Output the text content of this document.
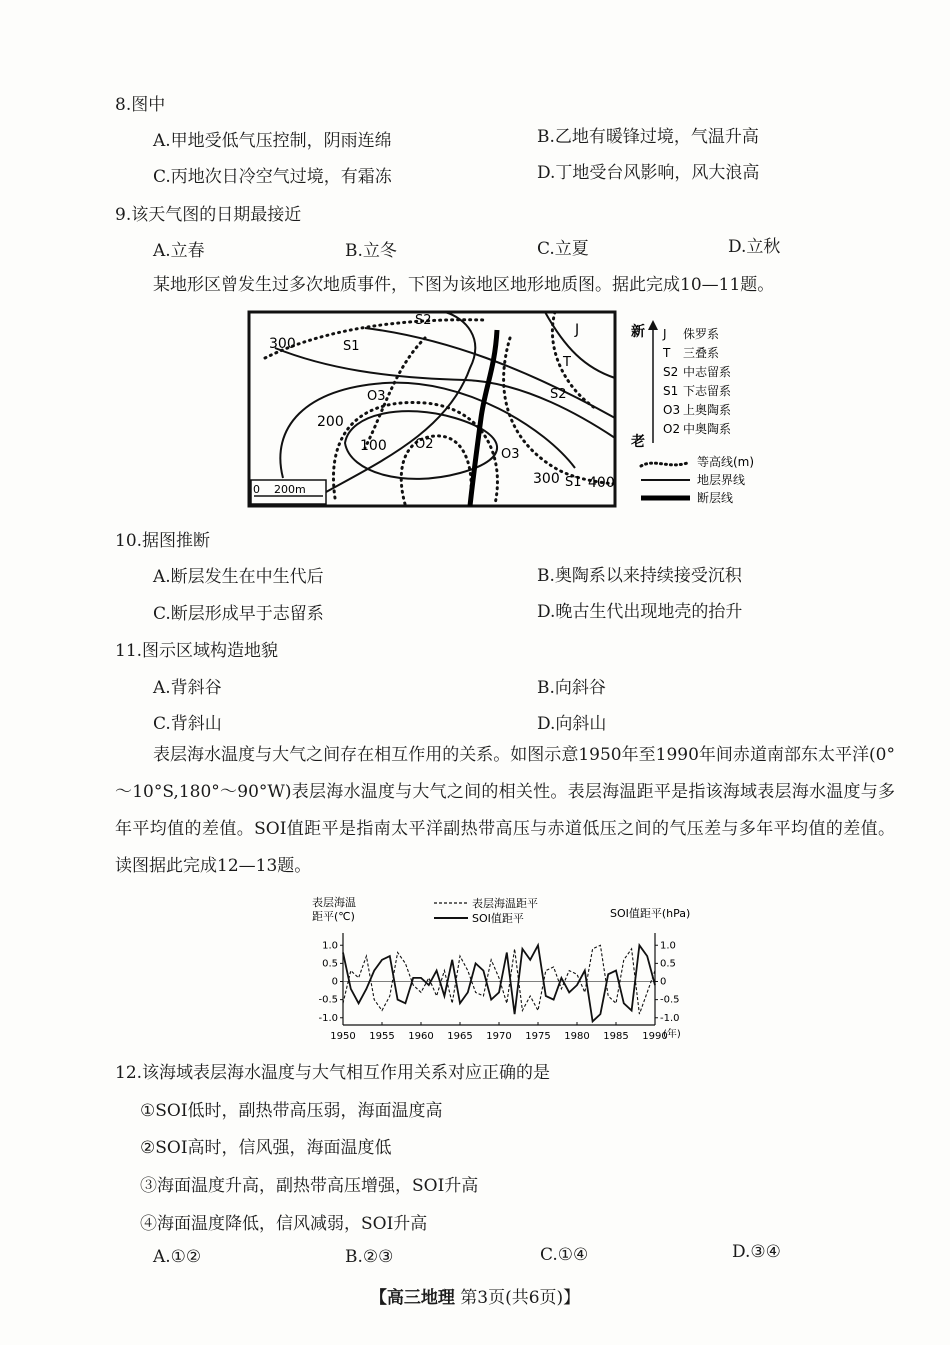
8.图中
A.甲地受低气压控制，阴雨连绵	B.乙地有暖锋过境，气温升高
C.丙地次日冷空气过境，有霜冻	D.丁地受台风影响，风大浪高
9.该天气图的日期最接近
A.立春	B.立冬	C.立夏	D.立秋
某地形区曾发生过多次地质事件，下图为该地区地形地质图。据此完成10—11题。
300
200
100
300 400
S1
S2
O3
O2
O3
S2
S1
T
J
0    200m
新
老
J 侏罗系
T 三叠系
S2 中志留系
S1 下志留系
O3 上奥陶系
O2 中奥陶系
等高线(m)
地层界线
断层线
10.据图推断
A.断层发生在中生代后	B.奥陶系以来持续接受沉积
C.断层形成早于志留系	D.晚古生代出现地壳的抬升
11.图示区域构造地貌
A.背斜谷	B.向斜谷
C.背斜山	D.向斜山
表层海水温度与大气之间存在相互作用的关系。如图示意1950年至1990年间赤道南部东太平洋(0°～10°S,180°～90°W)表层海水温度与大气之间的相关性。表层海温距平是指该海域表层海水温度与多年平均值的差值。SOI值距平是指南太平洋副热带高压与赤道低压之间的气压差与多年平均值的差值。读图据此完成12—13题。
表层海温
距平(℃)	SOI值距平(hPa)
表层海温距平
SOI值距平
1.0
0.5
0
-0.5
-1.0
1.0
0.5
0
-0.5
-1.0
1950 1955 1960 1965 1970 1975 1980 1985 1990
(年)
12.该海域表层海水温度与大气相互作用关系对应正确的是
①SOI低时，副热带高压弱，海面温度高
②SOI高时，信风强，海面温度低
③海面温度升高，副热带高压增强，SOI升高
④海面温度降低，信风减弱，SOI升高
A.①②	B.②③	C.①④	D.③④
【高三地理 第3页(共6页)】
